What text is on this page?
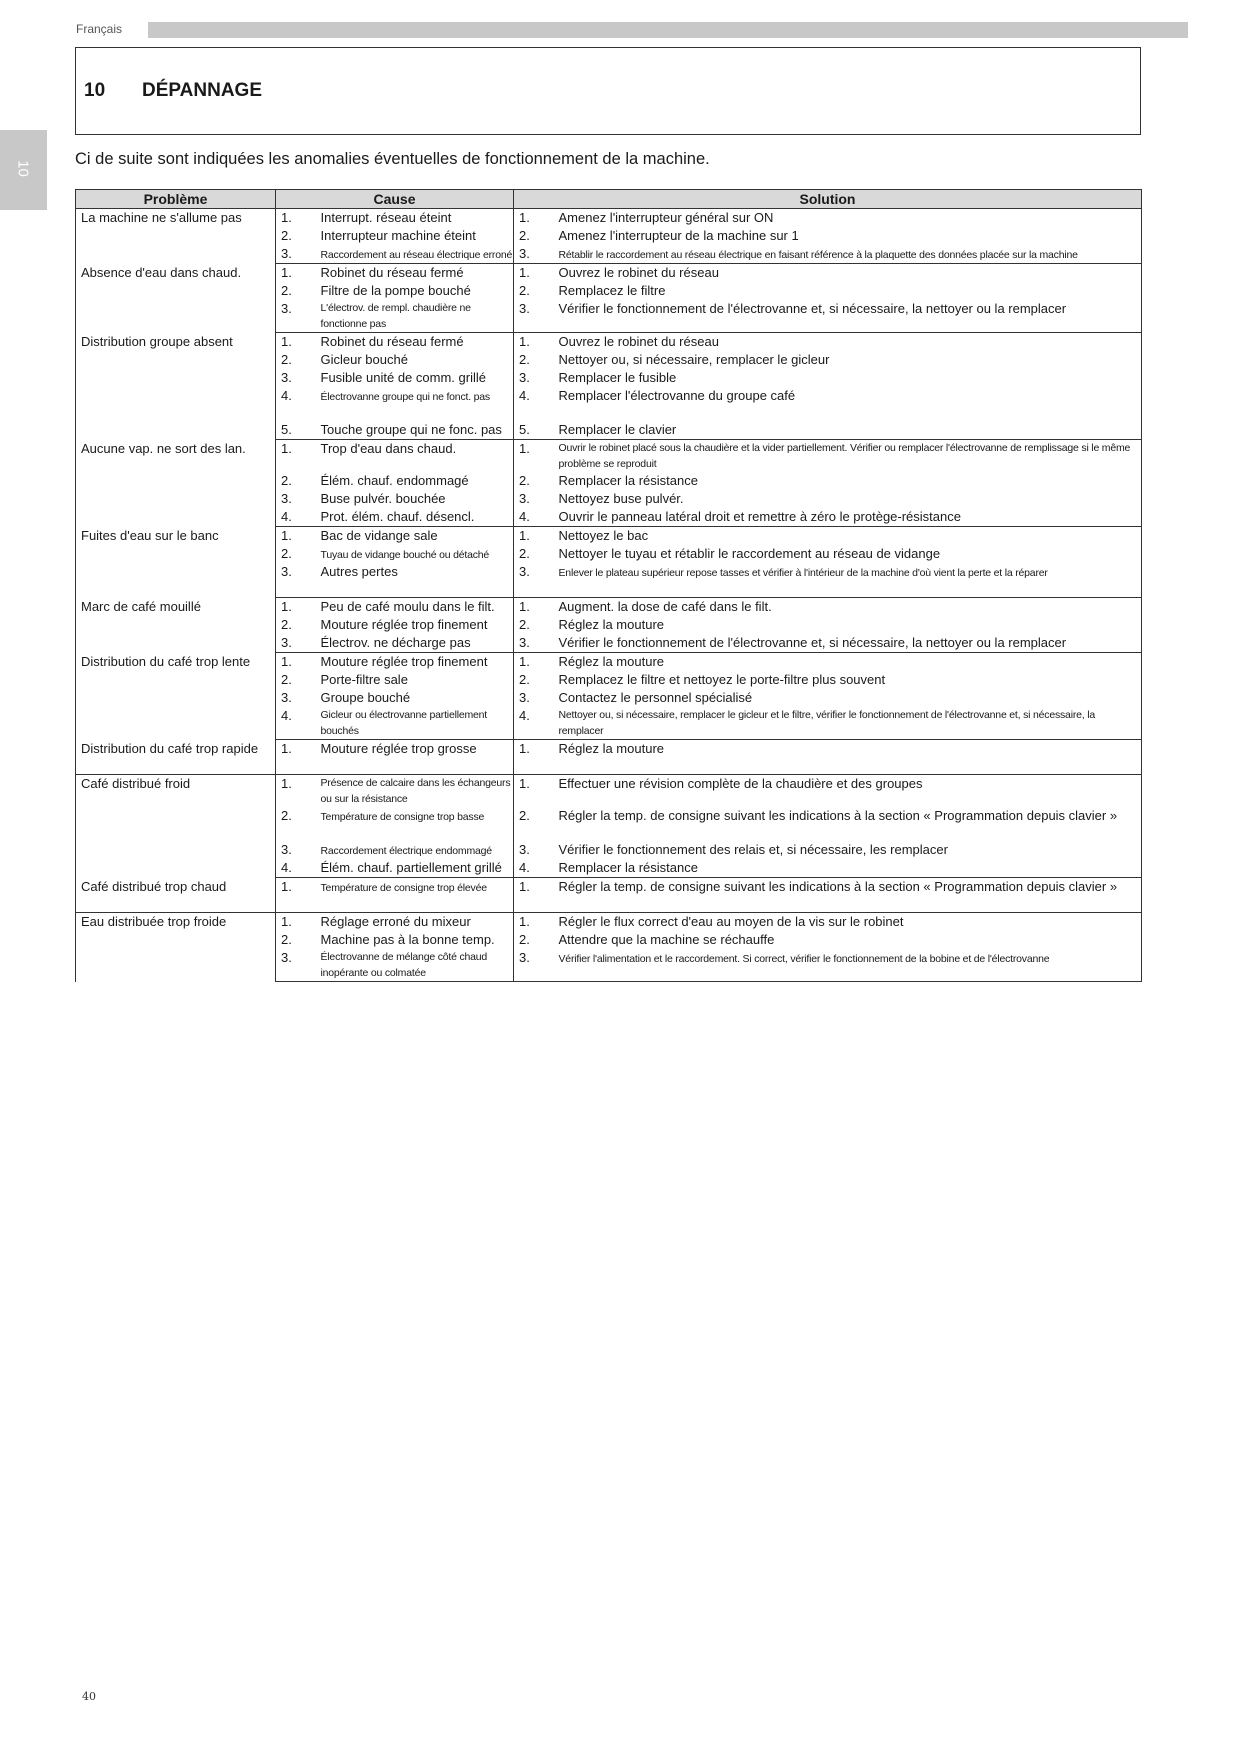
Français
10
10 DÉPANNAGE
Ci de suite sont indiquées les anomalies éventuelles de fonctionnement de la machine.
Problème	Cause		Solution	
La machine ne s'allume pas	1.	Interrupt. réseau éteint	1.	Amenez l'interrupteur général sur ON
	2.	Interrupteur machine éteint	2.	Amenez l'interrupteur de la machine sur 1
	3.	Raccordement au réseau électrique erroné	3.	Rétablir le raccordement au réseau électrique en faisant référence à la plaquette des données placée sur la machine
Absence d'eau dans chaud.	1.	Robinet du réseau fermé	1.	Ouvrez le robinet du réseau
	2.	Filtre de la pompe bouché	2.	Remplacez le filtre
	3.	L'électrov. de rempl. chaudière ne fonctionne pas	3.	Vérifier le fonctionnement de l'électrovanne et, si nécessaire, la nettoyer ou la remplacer
Distribution groupe absent	1.	Robinet du réseau fermé	1.	Ouvrez le robinet du réseau
	2.	Gicleur bouché	2.	Nettoyer ou, si nécessaire, remplacer le gicleur
	3.	Fusible unité de comm. grillé	3.	Remplacer le fusible
	4.	Électrovanne groupe qui ne fonct. pas	4.	Remplacer l'électrovanne du groupe café
	5.	Touche groupe qui ne fonc. pas	5.	Remplacer le clavier
Aucune vap. ne sort des lan.	1.	Trop d'eau dans chaud.	1.	Ouvrir le robinet placé sous la chaudière et la vider partiellement. Vérifier ou remplacer l'électrovanne de remplissage si le même problème se reproduit
	2.	Élém. chauf. endommagé	2.	Remplacer la résistance
	3.	Buse pulvér. bouchée	3.	Nettoyez buse pulvér.
	4.	Prot. élém. chauf. désencl.	4.	Ouvrir le panneau latéral droit et remettre à zéro le protège-résistance
Fuites d'eau sur le banc	1.	Bac de vidange sale	1.	Nettoyez le bac
	2.	Tuyau de vidange bouché ou détaché	2.	Nettoyer le tuyau et rétablir le raccordement au réseau de vidange
	3.	Autres pertes	3.	Enlever le plateau supérieur repose tasses et vérifier à l'intérieur de la machine d'où vient la perte et la réparer
Marc de café mouillé	1.	Peu de café moulu dans le filt.	1.	Augment. la dose de café dans le filt.
	2.	Mouture réglée trop finement	2.	Réglez la mouture
	3.	Électrov. ne décharge pas	3.	Vérifier le fonctionnement de l'électrovanne et, si nécessaire, la nettoyer ou la remplacer
Distribution du café trop lente	1.	Mouture réglée trop finement	1.	Réglez la mouture
	2.	Porte-filtre sale	2.	Remplacez le filtre et nettoyez le porte-filtre plus souvent
	3.	Groupe bouché	3.	Contactez le personnel spécialisé
	4.	Gicleur ou électrovanne partiellement bouchés	4.	Nettoyer ou, si nécessaire, remplacer le gicleur et le filtre, vérifier le fonctionnement de l'électrovanne et, si nécessaire, la remplacer
Distribution du café trop rapide	1.	Mouture réglée trop grosse	1.	Réglez la mouture
Café distribué froid	1.	Présence de calcaire dans les échangeurs ou sur la résistance	1.	Effectuer une révision complète de la chaudière et des groupes
	2.	Température de consigne trop basse	2.	Régler la temp. de consigne suivant les indications à la section « Programmation depuis clavier »
	3.	Raccordement électrique endommagé	3.	Vérifier le fonctionnement des relais et, si nécessaire, les remplacer
	4.	Élém. chauf. partiellement grillé	4.	Remplacer la résistance
Café distribué trop chaud	1.	Température de consigne trop élevée	1.	Régler la temp. de consigne suivant les indications à la section « Programmation depuis clavier »
Eau distribuée trop froide	1.	Réglage erroné du mixeur	1.	Régler le flux correct d'eau au moyen de la vis sur le robinet
	2.	Machine pas à la bonne temp.	2.	Attendre que la machine se réchauffe
	3.	Électrovanne de mélange côté chaud inopérante ou colmatée	3.	Vérifier l'alimentation et le raccordement. Si correct, vérifier le fonctionnement de la bobine et de l'électrovanne
40
